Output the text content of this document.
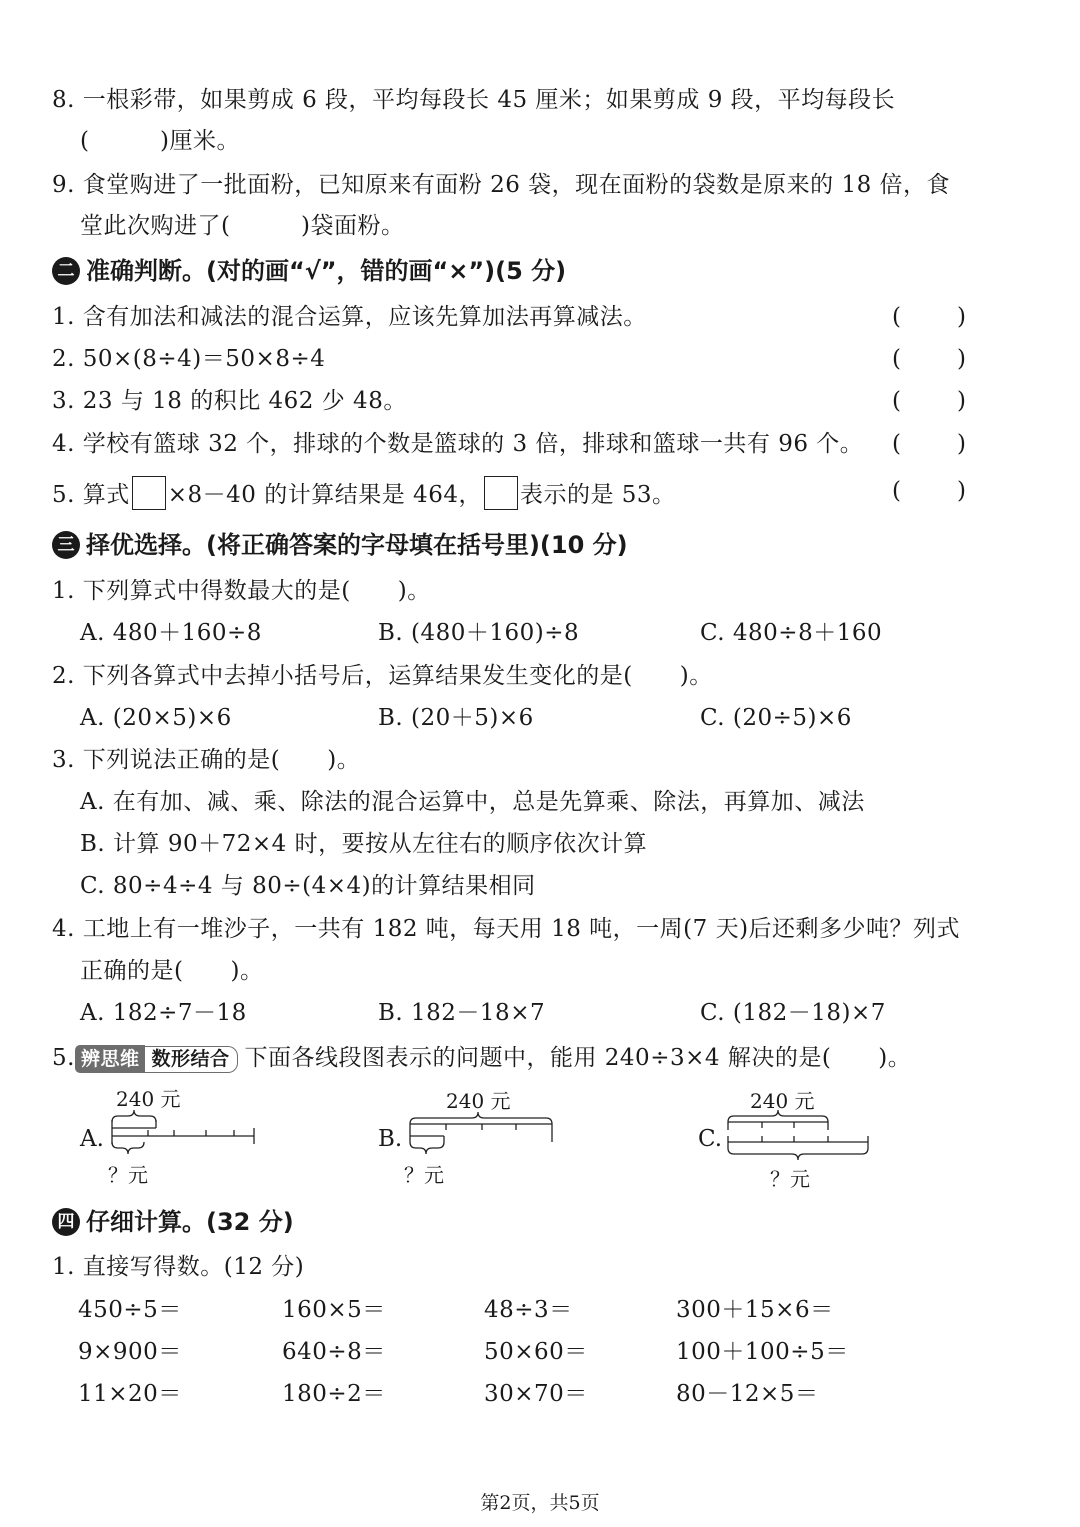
8. 一根彩带，如果剪成 6 段，平均每段长 45 厘米；如果剪成 9 段，平均每段长
(　　　)厘米。
9. 食堂购进了一批面粉，已知原来有面粉 26 袋，现在面粉的袋数是原来的 18 倍，食
堂此次购进了(　　　)袋面粉。
二 准确判断。(对的画“√”，错的画“×”)(5 分)
1. 含有加法和减法的混合运算，应该先算加法再算减法。	( )
2. 50×(8÷4)＝50×8÷4	( )
3. 23 与 18 的积比 462 少 48。	( )
4. 学校有篮球 32 个，排球的个数是篮球的 3 倍，排球和篮球一共有 96 个。 ( )
5. 算式 ×8－40 的计算结果是 464， 表示的是 53。	( )
三 择优选择。(将正确答案的字母填在括号里)(10 分)
1. 下列算式中得数最大的是(　　)。
A. 480＋160÷8	B. (480＋160)÷8	C. 480÷8＋160
2. 下列各算式中去掉小括号后，运算结果发生变化的是(　　)。
A. (20×5)×6	B. (20＋5)×6	C. (20÷5)×6
3. 下列说法正确的是(　　)。
A. 在有加、减、乘、除法的混合运算中，总是先算乘、除法，再算加、减法
B. 计算 90＋72×4 时，要按从左往右的顺序依次计算
C. 80÷4÷4 与 80÷(4×4)的计算结果相同
4. 工地上有一堆沙子，一共有 182 吨，每天用 18 吨，一周(7 天)后还剩多少吨？列式
正确的是(　　)。
A. 182÷7－18	B. 182－18×7	C. (182－18)×7
5. 辨思维 数形结合 下面各线段图表示的问题中，能用 240÷3×4 解决的是(　　)。
A.
240 元
？元
B.
240 元
？元
C.
240 元
？元
四 仔细计算。(32 分)
1. 直接写得数。(12 分)
450÷5＝	160×5＝	48÷3＝	300＋15×6＝
9×900＝	640÷8＝	50×60＝	100＋100÷5＝
11×20＝	180÷2＝	30×70＝	80－12×5＝
第2页，共5页
